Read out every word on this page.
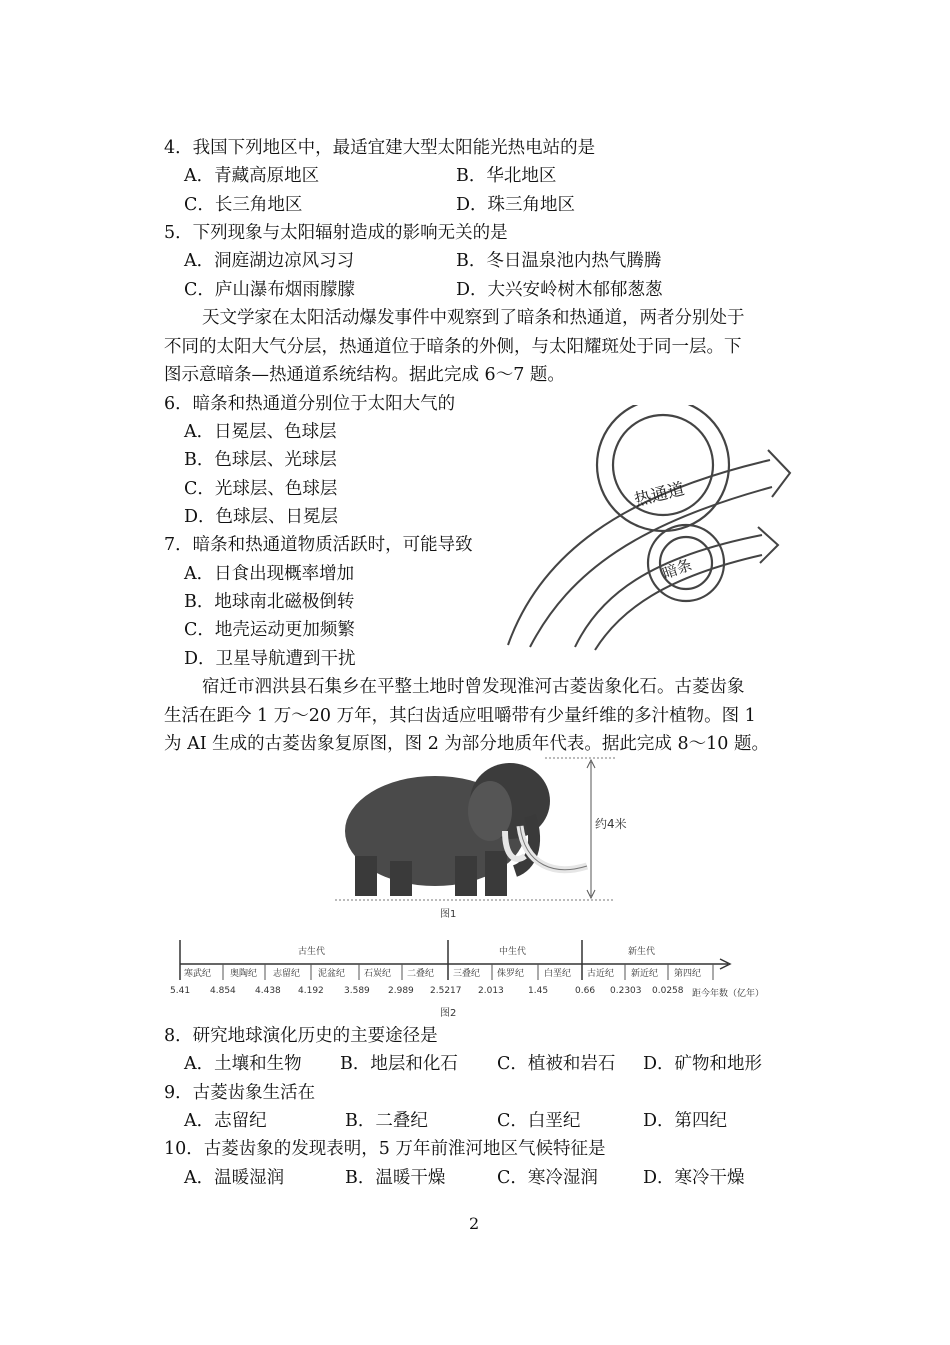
4．我国下列地区中，最适宜建大型太阳能光热电站的是
A．青藏高原地区	B．华北地区
C．长三角地区	D．珠三角地区
5．下列现象与太阳辐射造成的影响无关的是
A．洞庭湖边凉风习习	B．冬日温泉池内热气腾腾
C．庐山瀑布烟雨朦朦	D．大兴安岭树木郁郁葱葱
天文学家在太阳活动爆发事件中观察到了暗条和热通道，两者分别处于
不同的太阳大气分层，热通道位于暗条的外侧，与太阳耀斑处于同一层。下
图示意暗条—热通道系统结构。据此完成 6～7 题。
6．暗条和热通道分别位于太阳大气的
A．日冕层、色球层
B．色球层、光球层
C．光球层、色球层
D．色球层、日冕层
7．暗条和热通道物质活跃时，可能导致
A．日食出现概率增加
B．地球南北磁极倒转
C．地壳运动更加频繁
D．卫星导航遭到干扰
热通道
暗条
宿迁市泗洪县石集乡在平整土地时曾发现淮河古菱齿象化石。古菱齿象
生活在距今 1 万～20 万年，其臼齿适应咀嚼带有少量纤维的多汁植物。图 1
为 AI 生成的古菱齿象复原图，图 2 为部分地质年代表。据此完成 8～10 题。
约4米
图1
古生代	中生代	新生代
寒武纪 奥陶纪 志留纪 泥盆纪 石炭纪 二叠纪 三叠纪 侏罗纪 白垩纪 古近纪 新近纪 第四纪
5.41 4.854 4.438 4.192 3.589 2.989 2.5217 2.013	1.45	0.66 0.2303 0.0258 距今年数（亿年）
图2
8．研究地球演化历史的主要途径是
A．土壤和生物 B．地层和化石 C．植被和岩石 D．矿物和地形
9．古菱齿象生活在
A．志留纪	B．二叠纪	C．白垩纪	D．第四纪
10．古菱齿象的发现表明，5 万年前淮河地区气候特征是
A．温暖湿润	B．温暖干燥	C．寒冷湿润	D．寒冷干燥
2
